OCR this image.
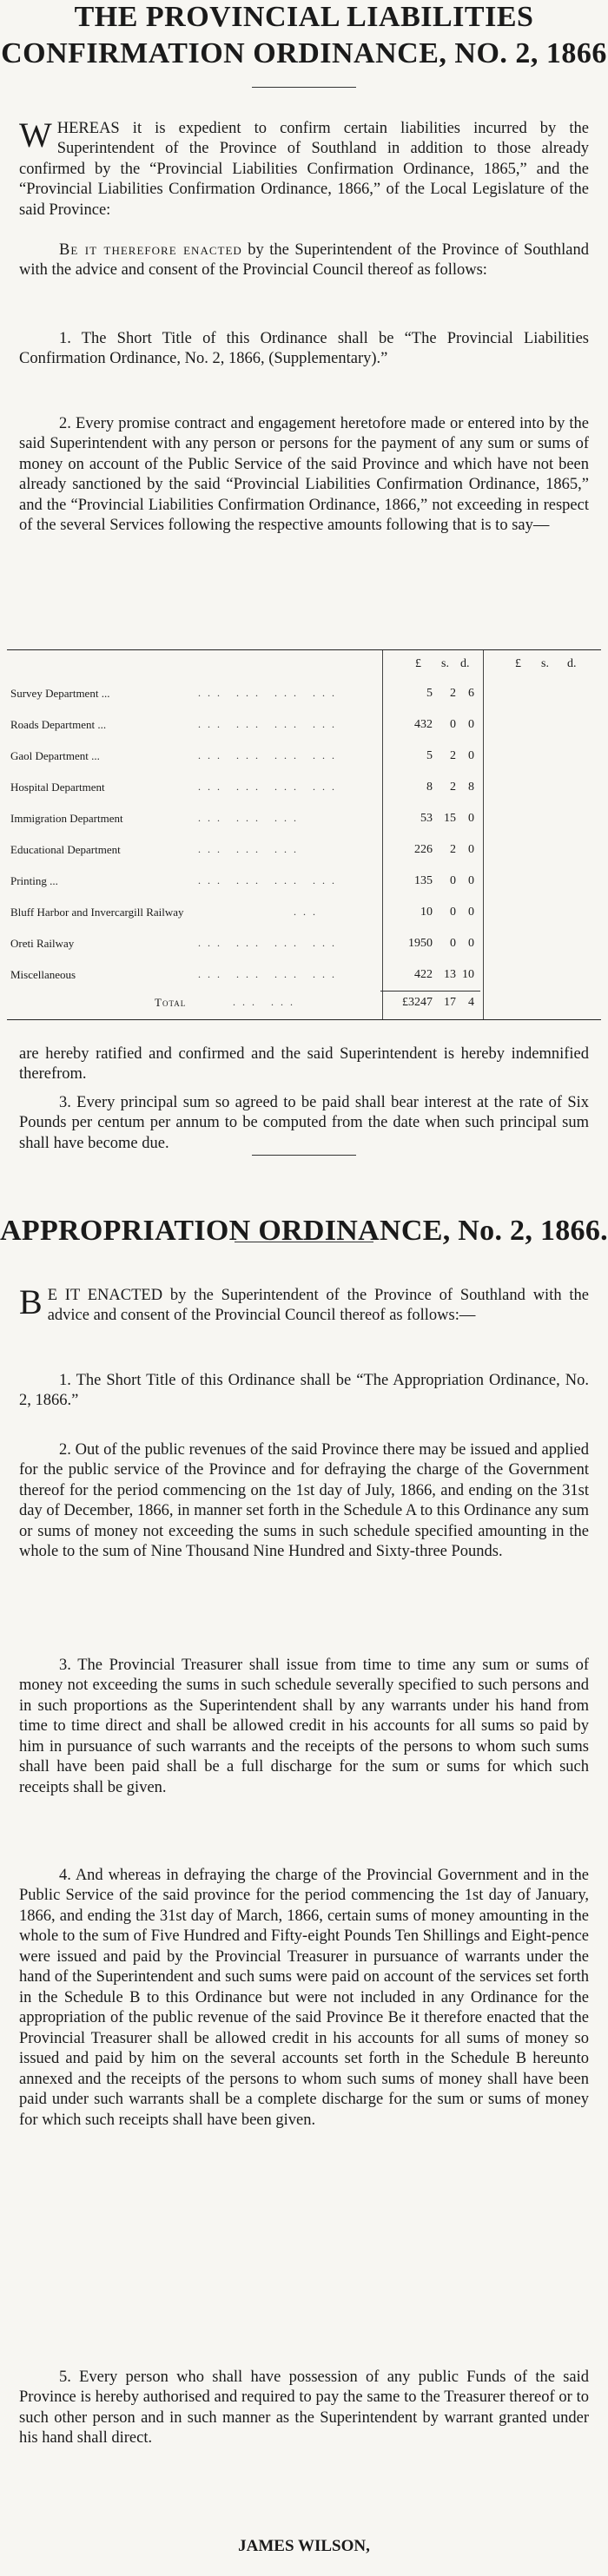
THE PROVINCIAL LIABILITIES
CONFIRMATION ORDINANCE, NO. 2, 1866

WHEREAS it is expedient to confirm certain liabilities incurred by the Superintendent of the Province of Southland in addition to those already confirmed by the “Provincial Liabilities Confirmation Ordinance, 1865,” and the “Provincial Liabilities Confirmation Ordinance, 1866,” of the Local Legislature of the said Province:

Be it therefore enacted by the Superintendent of the Province of Southland with the advice and consent of the Provincial Council thereof as follows:

1. The Short Title of this Ordinance shall be “The Provincial Liabilities Confirmation Ordinance, No. 2, 1866, (Supplementary).”

2. Every promise contract and engagement heretofore made or entered into by the said Superintendent with any person or persons for the payment of any sum or sums of money on account of the Public Service of the said Province and which have not been already sanctioned by the said “Provincial Liabilities Confirmation Ordinance, 1865,” and the “Provincial Liabilities Confirmation Ordinance, 1866,” not exceeding in respect of the several Services following the respective amounts following that is to say—

£ s. d.	£ s. d.
Survey Department ...	... ... ... ...	5	2	6
Roads Department ...	... ... ... ...	432	0	0
Gaol Department ...	... ... ... ...	5	2	0
Hospital Department	... ... ... ...	8	2	8
Immigration Department	... ... ...	53 15	0
Educational Department	... ... ...	226	2	0
Printing ...	... ... ... ...	135	0	0
Bluff Harbor and Invercargill Railway	...	10	0	0
Oreti Railway	... ... ... ...	1950	0	0
Miscellaneous	... ... ... ...	422 13 10
Total	... ...	£3247 17	4

are hereby ratified and confirmed and the said Superintendent is hereby indemnified therefrom.

3. Every principal sum so agreed to be paid shall bear interest at the rate of Six Pounds per centum per annum to be computed from the date when such principal sum shall have become due.

APPROPRIATION ORDINANCE, No. 2, 1866.

B E IT ENACTED by the Superintendent of the Province of Southland with the advice and consent of the Provincial Council thereof as follows:—

1. The Short Title of this Ordinance shall be “The Appropriation Ordinance, No. 2, 1866.”

2. Out of the public revenues of the said Province there may be issued and applied for the public service of the Province and for defraying the charge of the Government thereof for the period commencing on the 1st day of July, 1866, and ending on the 31st day of December, 1866, in manner set forth in the Schedule A to this Ordinance any sum or sums of money not exceeding the sums in such schedule specified amounting in the whole to the sum of Nine Thousand Nine Hundred and Sixty-three Pounds.

3. The Provincial Treasurer shall issue from time to time any sum or sums of money not exceeding the sums in such schedule severally specified to such persons and in such proportions as the Superintendent shall by any warrants under his hand from time to time direct and shall be allowed credit in his accounts for all sums so paid by him in pursuance of such warrants and the receipts of the persons to whom such sums shall have been paid shall be a full discharge for the sum or sums for which such receipts shall be given.

4. And whereas in defraying the charge of the Provincial Government and in the Public Service of the said province for the period commencing the 1st day of January, 1866, and ending the 31st day of March, 1866, certain sums of money amounting in the whole to the sum of Five Hundred and Fifty-eight Pounds Ten Shillings and Eight-pence were issued and paid by the Provincial Treasurer in pursuance of warrants under the hand of the Superintendent and such sums were paid on account of the services set forth in the Schedule B to this Ordinance but were not included in any Ordinance for the appropriation of the public revenue of the said Province Be it therefore enacted that the Provincial Treasurer shall be allowed credit in his accounts for all sums of money so issued and paid by him on the several accounts set forth in the Schedule B hereunto annexed and the receipts of the persons to whom such sums of money shall have been paid under such warrants shall be a complete discharge for the sum or sums of money for which such receipts shall have been given.

5. Every person who shall have possession of any public Funds of the said Province is hereby authorised and required to pay the same to the Treasurer thereof or to such other person and in such manner as the Superintendent by warrant granted under his hand shall direct.

JAMES WILSON,
